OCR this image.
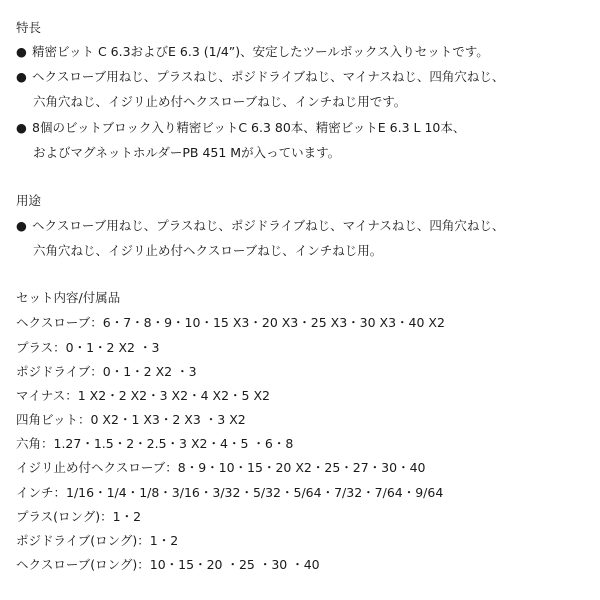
特長
● 精密ビット C 6.3およびE 6.3 (1/4”)、安定したツールボックス入りセットです。
● ヘクスローブ用ねじ、プラスねじ、ポジドライブねじ、マイナスねじ、四角穴ねじ、
六角穴ねじ、イジリ止め付ヘクスローブねじ、インチねじ用です。
● 8個のビットブロック入り精密ビットC 6.3 80本、精密ビットE 6.3 L 10本、
およびマグネットホルダーPB 451 Mが入っています。
用途
● ヘクスローブ用ねじ、プラスねじ、ポジドライブねじ、マイナスねじ、四角穴ねじ、
六角穴ねじ、イジリ止め付ヘクスローブねじ、インチねじ用。
セット内容/付属品
ヘクスローブ：6・7・8・9・10・15 X3・20 X3・25 X3・30 X3・40 X2
プラス：0・1・2 X2 ・3
ポジドライブ：0・1・2 X2 ・3
マイナス：1 X2・2 X2・3 X2・4 X2・5 X2
四角ビット：0 X2・1 X3・2 X3 ・3 X2
六角：1.27・1.5・2・2.5・3 X2・4・5 ・6・8
イジリ止め付ヘクスローブ：8・9・10・15・20 X2・25・27・30・40
インチ：1/16・1/4・1/8・3/16・3/32・5/32・5/64・7/32・7/64・9/64
プラス(ロング)：1・2
ポジドライブ(ロング)：1・2
ヘクスローブ(ロング)：10・15・20 ・25 ・30 ・40
